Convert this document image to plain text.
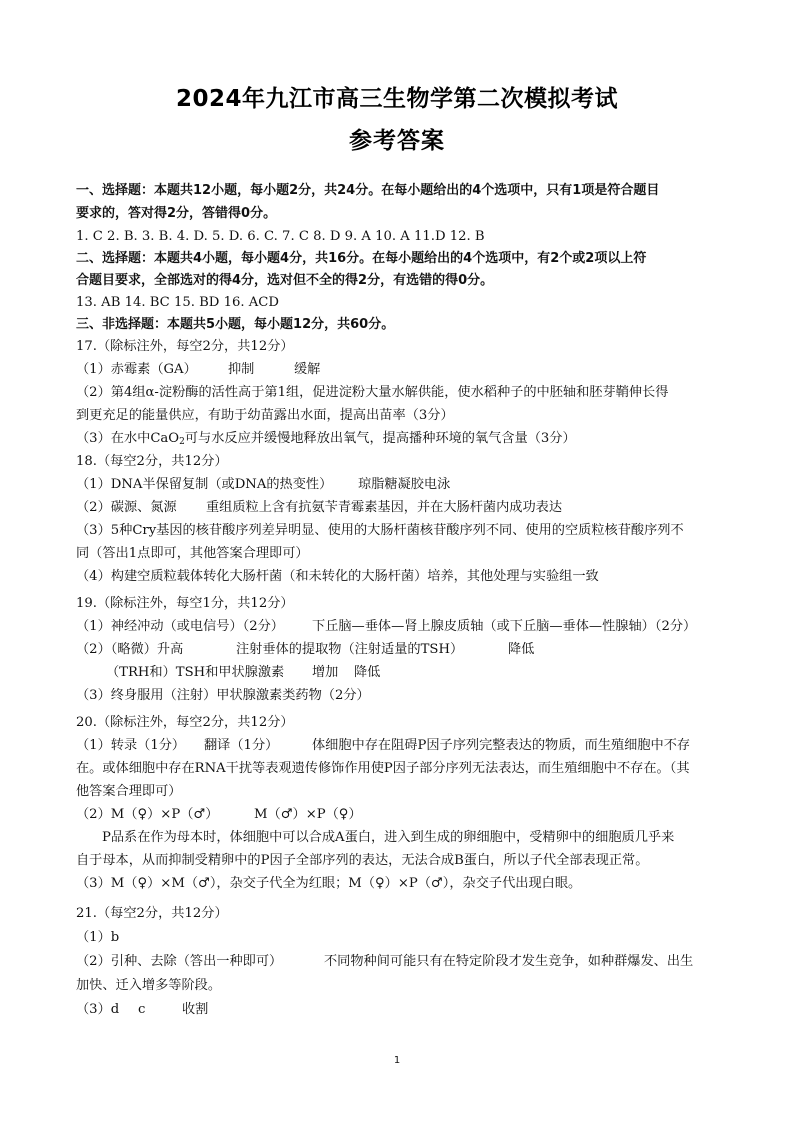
2024年九江市高三生物学第二次模拟考试
参考答案
一、选择题：本题共12小题，每小题2分，共24分。在每小题给出的4个选项中，只有1项是符合题目
要求的，答对得2分，答错得0分。
1. C 2. B. 3. B. 4. D. 5. D. 6. C. 7. C 8. D 9. A 10. A 11.D 12. B
二、选择题：本题共4小题，每小题4分，共16分。在每小题给出的4个选项中，有2个或2项以上符
合题目要求，全部选对的得4分，选对但不全的得2分，有选错的得0分。
13. AB 14. BC 15. BD 16. ACD
三、非选择题：本题共5小题，每小题12分，共60分。
17.（除标注外，每空2分，共12分）
（1）赤霉素（GA） 抑制	缓解
（2）第4组α-淀粉酶的活性高于第1组，促进淀粉大量水解供能，使水稻种子的中胚轴和胚芽鞘伸长得
到更充足的能量供应，有助于幼苗露出水面，提高出苗率（3分）
（3）在水中CaO$_2$可与水反应并缓慢地释放出氧气，提高播种环境的氧气含量（3分）
18.（每空2分，共12分）
（1）DNA半保留复制（或DNA的热变性） 琼脂糖凝胶电泳
（2）碳源、氮源 重组质粒上含有抗氨苄青霉素基因，并在大肠杆菌内成功表达
（3）5种Cry基因的核苷酸序列差异明显、使用的大肠杆菌核苷酸序列不同、使用的空质粒核苷酸序列不
同（答出1点即可，其他答案合理即可）
（4）构建空质粒载体转化大肠杆菌（和未转化的大肠杆菌）培养，其他处理与实验组一致
19.（除标注外，每空1分，共12分）
（1）神经冲动（或电信号）（2分） 下丘脑—垂体—肾上腺皮质轴（或下丘脑—垂体—性腺轴）（2分）
（2）（略微）升高	注射垂体的提取物（注射适量的TSH）	降低
（TRH和）TSH和甲状腺激素 增加 降低
（3）终身服用（注射）甲状腺激素类药物（2分）
20.（除标注外，每空2分，共12分）
（1）转录（1分） 翻译（1分）	体细胞中存在阻碍P因子序列完整表达的物质，而生殖细胞中不存
在。或体细胞中存在RNA干扰等表观遗传修饰作用使P因子部分序列无法表达，而生殖细胞中不存在。（其
他答案合理即可）
（2）M（♀）×P（♂）	M（♂）×P（♀）
P品系在作为母本时，体细胞中可以合成A蛋白，进入到生成的卵细胞中，受精卵中的细胞质几乎来
自于母本，从而抑制受精卵中的P因子全部序列的表达，无法合成B蛋白，所以子代全部表现正常。
（3）M（♀）×M（♂），杂交子代全为红眼；M（♀）×P（♂），杂交子代出现白眼。
21.（每空2分，共12分）
（1）b
（2）引种、去除（答出一种即可）	不同物种间可能只有在特定阶段才发生竞争，如种群爆发、出生
加快、迁入增多等阶段。
（3）d c	收割
1
